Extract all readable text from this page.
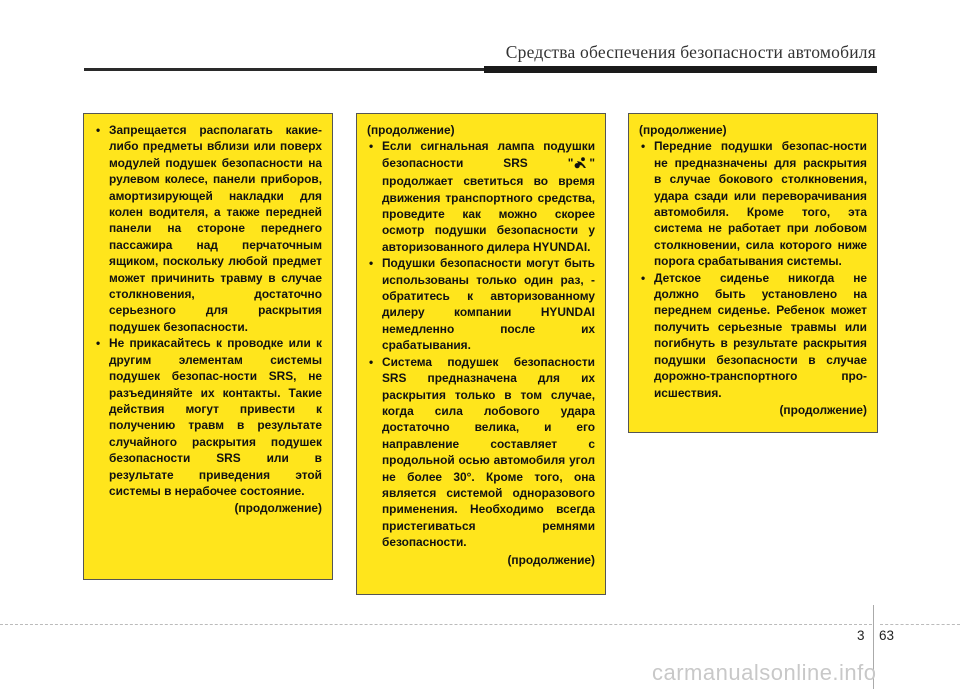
Средства обеспечения безопасности автомобиля
• Запрещается располагать какие-либо предметы вблизи или поверх модулей подушек безопасности на рулевом колесе, панели приборов, амортизирующей накладки для колен водителя, а также передней панели на стороне переднего пассажира над перчаточным ящиком, поскольку любой предмет может причинить травму в случае столкновения, достаточно серьезного для раскрытия подушек безопасности.
• Не прикасайтесь к проводке или к другим элементам системы подушек безопас-ности SRS, не разъединяйте их контакты. Такие действия могут привести к получению травм в результате случайного раскрытия подушек безопасности SRS или в результате приведения этой системы в нерабочее состояние.
(продолжение)
(продолжение)
• Если сигнальная лампа подушки безопасности SRS " " продолжает светиться во время движения транспортного средства, проведите как можно скорее осмотр подушки безопасности у авторизованного дилера HYUNDAI.
• Подушки безопасности могут быть использованы только один раз, - обратитесь к авторизованному дилеру компании HYUNDAI немедленно после их срабатывания.
• Система подушек безопасности SRS предназначена для их раскрытия только в том случае, когда сила лобового удара достаточно велика, и его направление составляет с продольной осью автомобиля угол не более 30°. Кроме того, она является системой одноразового применения. Необходимо всегда пристегиваться ремнями безопасности.
(продолжение)
(продолжение)
• Передние подушки безопас-ности не предназначены для раскрытия в случае бокового столкновения, удара сзади или переворачивания автомобиля. Кроме того, эта система не работает при лобовом столкновении, сила которого ниже порога срабатывания системы.
• Детское сиденье никогда не должно быть установлено на переднем сиденье. Ребенок может получить серьезные травмы или погибнуть в результате раскрытия подушки безопасности в случае дорожно-транспортного про-исшествия.
(продолжение)
3 63
carmanualsonline.info
